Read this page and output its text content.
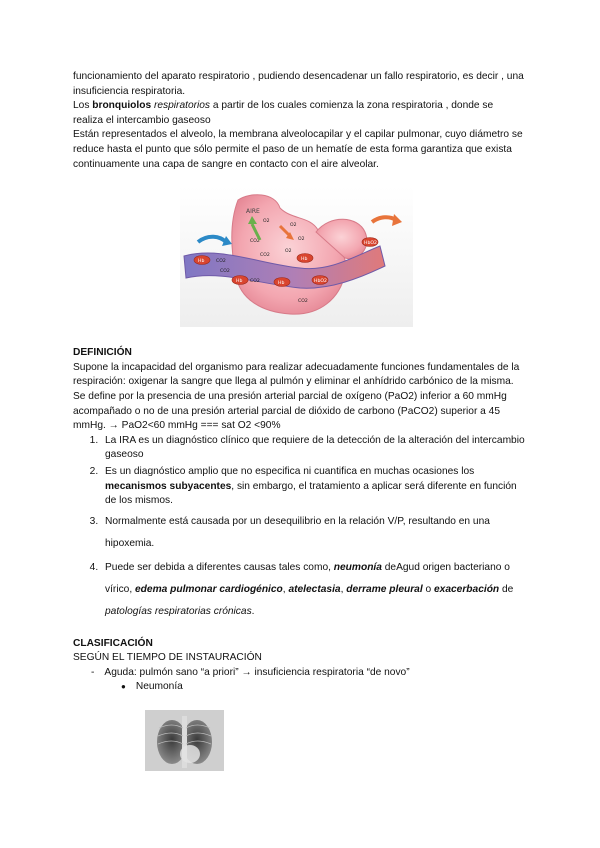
funcionamiento del aparato respiratorio , pudiendo desencadenar un fallo respiratorio, es decir , una insuficiencia respiratoria.

Los bronquiolos respiratorios a partir de los cuales comienza la zona respiratoria , donde se realiza el intercambio gaseoso

Están representados el alveolo, la membrana alveolocapilar y el capilar pulmonar, cuyo diámetro se reduce hasta el punto que sólo permite el paso de un hematíe de esta forma garantiza que exista continuamente una capa de sangre en contacto con el aire alveolar.

DEFINICIÓN

Supone la incapacidad del organismo para realizar adecuadamente funciones fundamentales de la respiración: oxigenar la sangre que llega al pulmón y eliminar el anhídrido carbónico de la misma.

Se define por la presencia de una presión arterial parcial de oxígeno (PaO2) inferior a 60 mmHg acompañado o no de una presión arterial parcial de dióxido de carbono (PaCO2) superior a 45 mmHg. → PaO2<60 mmHg === sat O2 <90%

1. La IRA es un diagnóstico clínico que requiere de la detección de la alteración del intercambio gaseoso
2. Es un diagnóstico amplio que no especifica ni cuantifica en muchas ocasiones los mecanismos subyacentes, sin embargo, el tratamiento a aplicar será diferente en función de los mismos.
3. Normalmente está causada por un desequilibrio en la relación V/P, resultando en una hipoxemia.
4. Puede ser debida a diferentes causas tales como, neumonía deAgud origen bacteriano o vírico, edema pulmonar cardiogénico, atelectasia, derrame pleural o exacerbación de patologías respiratorias crónicas.

CLASIFICACIÓN

SEGÚN EL TIEMPO DE INSTAURACIÓN

- Aguda: pulmón sano “a priori” → insuficiencia respiratoria “de novo”
● Neumonía
AIRE
O2
O2
O2
O2
CO2
CO2
CO2
CO2
CO2
CO2
Hb
Hb	Hb
Hb
HbO2
HbO2
